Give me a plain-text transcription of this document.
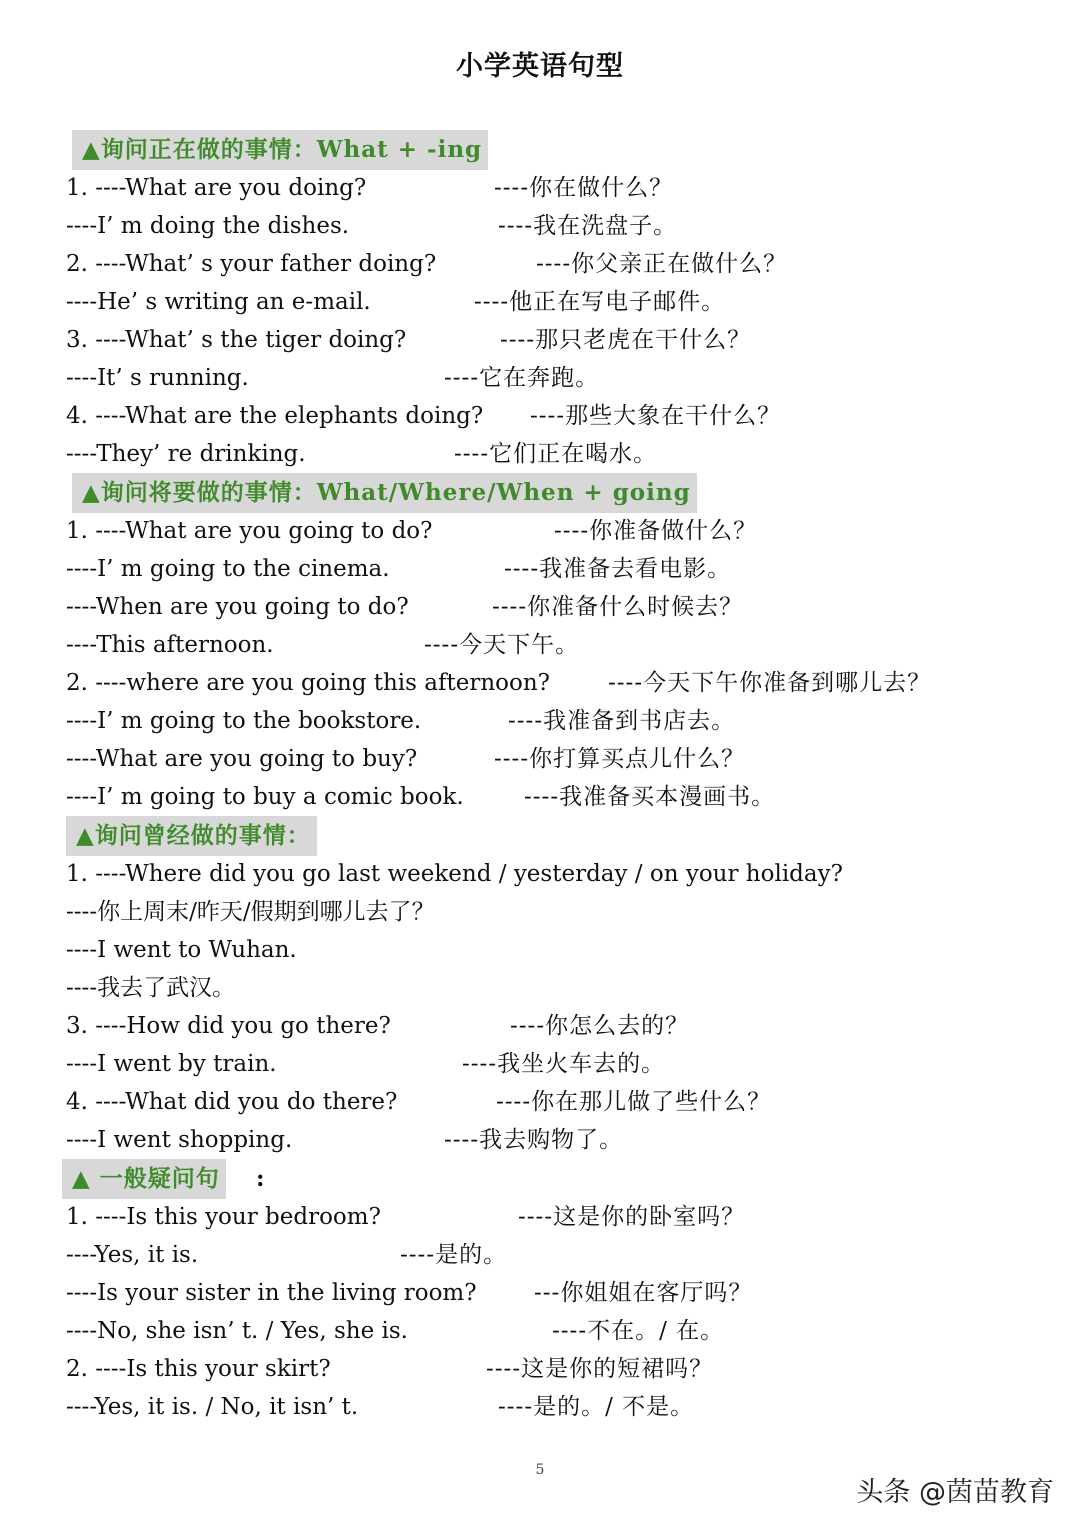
小学英语句型
▲询问正在做的事情：What + -ing
1. ----What are you doing?	----你在做什么？
----I’ m doing the dishes.	----我在洗盘子。
2. ----What’ s your father doing?	----你父亲正在做什么？
----He’ s writing an e-mail.	----他正在写电子邮件。
3. ----What’ s the tiger doing?	----那只老虎在干什么？
----It’ s running.	----它在奔跑。
4. ----What are the elephants doing? ----那些大象在干什么？
----They’ re drinking.	----它们正在喝水。
▲询问将要做的事情：What/Where/When + going
1. ----What are you going to do?	----你准备做什么？
----I’ m going to the cinema.	----我准备去看电影。
----When are you going to do?	----你准备什么时候去？
----This afternoon.	----今天下午。
2. ----where are you going this afternoon?	----今天下午你准备到哪儿去？
----I’ m going to the bookstore.	----我准备到书店去。
----What are you going to buy?	----你打算买点儿什么？
----I’ m going to buy a comic book.	----我准备买本漫画书。
▲询问曾经做的事情：
1. ----Where did you go last weekend / yesterday / on your holiday?
----你上周末/昨天/假期到哪儿去了？
----I went to Wuhan.
----我去了武汉。
3. ----How did you go there?	----你怎么去的？
----I went by train.	----我坐火车去的。
4. ----What did you do there?	----你在那儿做了些什么？
----I went shopping.	----我去购物了。
▲ 一般疑问句 :
1. ----Is this your bedroom?	----这是你的卧室吗？
----Yes, it is.	----是的。
----Is your sister in the living room? ---你姐姐在客厅吗？
----No, she isn’ t. / Yes, she is.	----不在。/ 在。
2. ----Is this your skirt?	----这是你的短裙吗？
----Yes, it is. / No, it isn’ t.	----是的。/ 不是。
5
头条 @茵苗教育
